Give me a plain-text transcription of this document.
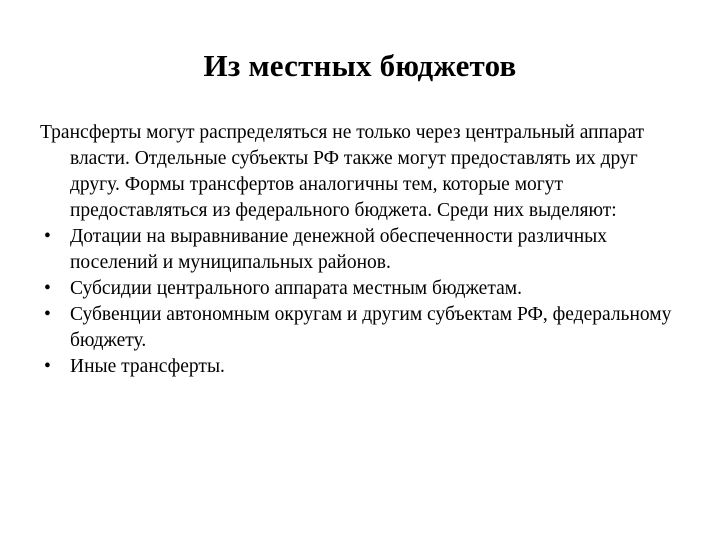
Из местных бюджетов

Трансферты могут распределяться не только через центральный аппарат власти. Отдельные субъекты РФ также могут предоставлять их друг другу. Формы трансфертов аналогичны тем, которые могут предоставляться из федерального бюджета. Среди них выделяют:

• Дотации на выравнивание денежной обеспеченности различных поселений и муниципальных районов.
• Субсидии центрального аппарата местным бюджетам.
• Субвенции автономным округам и другим субъектам РФ, федеральному бюджету.
• Иные трансферты.
